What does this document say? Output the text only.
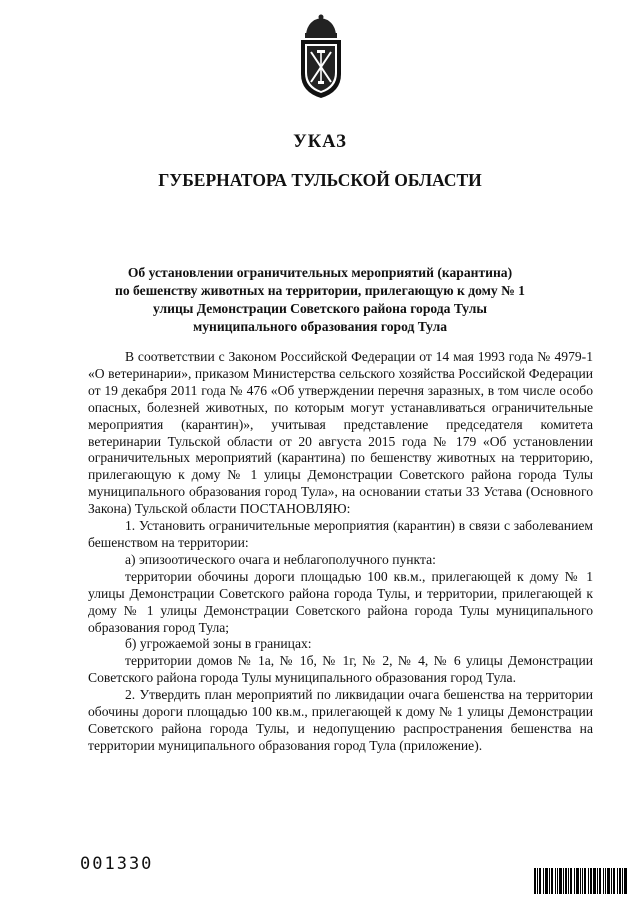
УКАЗ
ГУБЕРНАТОРА ТУЛЬСКОЙ ОБЛАСТИ
Об установлении ограничительных мероприятий (карантина)
по бешенству животных на территории, прилегающую к дому № 1
улицы Демонстрации Советского района города Тулы
муниципального образования город Тула

В соответствии с Законом Российской Федерации от 14 мая 1993 года № 4979-1 «О ветеринарии», приказом Министерства сельского хозяйства Российской Федерации от 19 декабря 2011 года № 476 «Об утверждении перечня заразных, в том числе особо опасных, болезней животных, по которым могут устанавливаться ограничительные мероприятия (карантин)», учитывая представление председателя комитета ветеринарии Тульской области от 20 августа 2015 года № 179 «Об установлении ограничительных мероприятий (карантина) по бешенству животных на территорию, прилегающую к дому № 1 улицы Демонстрации Советского района города Тулы муниципального образования город Тула», на основании статьи 33 Устава (Основного Закона) Тульской области ПОСТАНОВЛЯЮ:

1. Установить ограничительные мероприятия (карантин) в связи с заболеванием бешенством на территории:

а) эпизоотического очага и неблагополучного пункта:

территории обочины дороги площадью 100 кв.м., прилегающей к дому № 1 улицы Демонстрации Советского района города Тулы, и территории, прилегающей к дому № 1 улицы Демонстрации Советского района города Тулы муниципального образования город Тула;

б) угрожаемой зоны в границах:

территории домов № 1а, № 1б, № 1г, № 2, № 4, № 6 улицы Демонстрации Советского района города Тулы муниципального образования город Тула.

2. Утвердить план мероприятий по ликвидации очага бешенства на территории обочины дороги площадью 100 кв.м., прилегающей к дому № 1 улицы Демонстрации Советского района города Тулы, и недопущению распространения бешенства на территории муниципального образования город Тула (приложение).

001330
